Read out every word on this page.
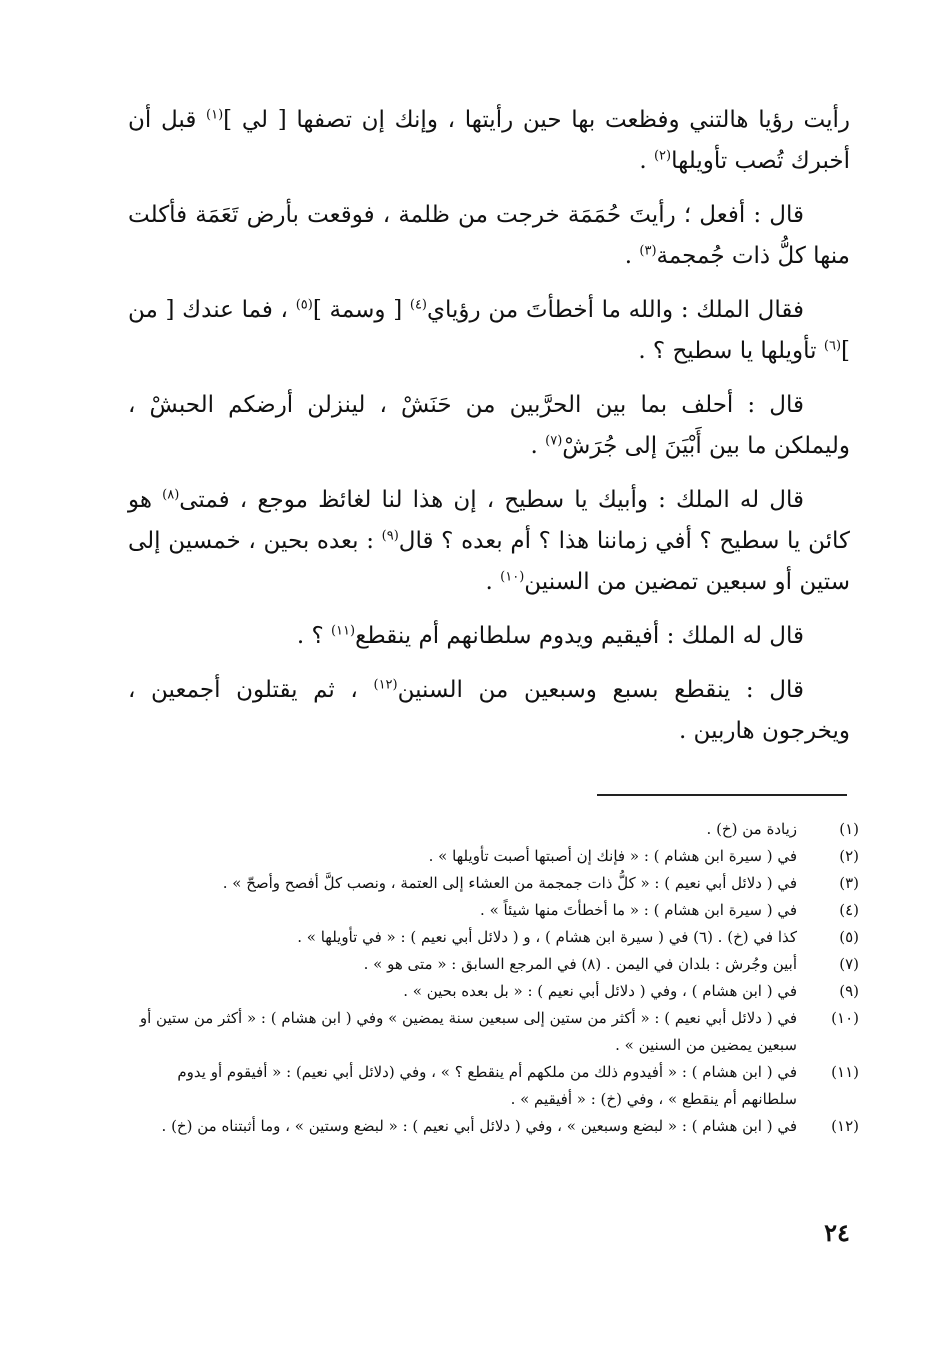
رأيت رؤيا هالتني وفظعت بها حين رأيتها ، وإنك إن تصفها [ لي ]$^{(١)}$ قبل أن أخبرك تُصب تأويلها$^{(٢)}$ .

قال : أفعل ؛ رأيتَ حُمَمَة خرجت من ظلمة ، فوقعت بأرض تَعَمَة فأكلت منها كلُّ ذات جُمجمة$^{(٣)}$ .

فقال الملك : والله ما أخطأتَ من رؤياي$^{(٤)}$ [ وسمة ]$^{(٥)}$ ، فما عندك [ من ]$^{(٦)}$ تأويلها يا سطيح ؟ .

قال : أحلف بما بين الحرَّبين من حَنَشْ ، لينزلن أرضكم الحبشْ ، وليملكن ما بين أَبْيَنَ إلى جُرَشْ$^{(٧)}$ .

قال له الملك : وأبيك يا سطيح ، إن هذا لنا لغائظ موجع ، فمتى$^{(٨)}$ هو كائن يا سطيح ؟ أفي زماننا هذا ؟ أم بعده ؟ قال$^{(٩)}$ : بعده بحين ، خمسين إلى ستين أو سبعين تمضين من السنين$^{(١٠)}$ .

قال له الملك : أفيقيم ويدوم سلطانهم أم ينقطع$^{(١١)}$ ؟ .

قال : ينقطع بسبع وسبعين من السنين$^{(١٢)}$ ، ثم يقتلون أجمعين ، ويخرجون هاربين .

(١)
زيادة من (خ) .
(٢)
في ( سيرة ابن هشام ) : « فإنك إن أصبتها أصبت تأويلها » .
(٣)
في ( دلائل أبي نعيم ) : « كلُّ ذات جمجمة من العشاء إلى العتمة ، ونصب كلَّ أفصح وأصحّ » .
(٤)
في ( سيرة ابن هشام ) : « ما أخطأتَ منها شيئاً » .
(٥)
كذا في (خ) . (٦) في ( سيرة ابن هشام ) ، و ( دلائل أبي نعيم ) : « في تأويلها » .
(٧)
أبين وجُرش : بلدان في اليمن . (٨) في المرجع السابق : « متى هو » .
(٩)
في ( ابن هشام ) ، وفي ( دلائل أبي نعيم ) : « بل بعده بحين » .
(١٠)
في ( دلائل أبي نعيم ) : « أكثر من ستين إلى سبعين سنة يمضين » وفي ( ابن هشام ) : « أكثر من ستين أو سبعين يمضين من السنين » .
(١١)
في ( ابن هشام ) : « أفيدوم ذلك من ملكهم أم ينقطع ؟ » ، وفي (دلائل أبي نعيم) : « أفيقوم أو يدوم سلطانهم أم ينقطع » ، وفي (خ) : « أفيقيم » .
(١٢)
في ( ابن هشام ) : « لبضع وسبعين » ، وفي ( دلائل أبي نعيم ) : « لبضع وستين » ، وما أثبتناه من (خ) .
٢٤
